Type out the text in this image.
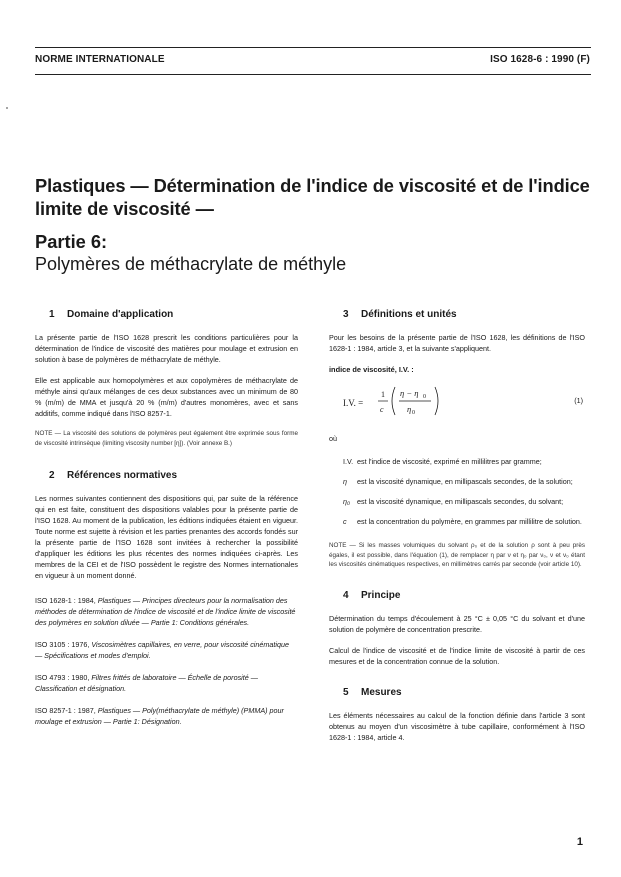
NORME INTERNATIONALE	ISO 1628-6 : 1990 (F)
Plastiques — Détermination de l'indice de viscosité et de l'indice limite de viscosité —
Partie 6:
Polymères de méthacrylate de méthyle
1 Domaine d'application

La présente partie de l'ISO 1628 prescrit les conditions particulières pour la détermination de l'indice de viscosité des matières pour moulage et extrusion en solution à base de polymères de méthacrylate de méthyle.

Elle est applicable aux homopolymères et aux copolymères de méthacrylate de méthyle ainsi qu'aux mélanges de ces deux substances avec un minimum de 80 % (m/m) de MMA et jusqu'à 20 % (m/m) d'autres monomères, avec et sans additifs, comme indiqué dans l'ISO 8257-1.

NOTE — La viscosité des solutions de polymères peut également être exprimée sous forme de viscosité intrinsèque (limiting viscosity number [η]). (Voir annexe B.)

2 Références normatives

Les normes suivantes contiennent des dispositions qui, par suite de la référence qui en est faite, constituent des dispositions valables pour la présente partie de l'ISO 1628. Au moment de la publication, les éditions indiquées étaient en vigueur. Toute norme est sujette à révision et les parties prenantes des accords fondés sur la présente partie de l'ISO 1628 sont invitées à rechercher la possibilité d'appliquer les éditions les plus récentes des normes indiquées ci-après. Les membres de la CEI et de l'ISO possèdent le registre des Normes internationales en vigueur à un moment donné.

ISO 1628-1 : 1984, Plastiques — Principes directeurs pour la normalisation des méthodes de détermination de l'indice de viscosité et de l'indice limite de viscosité des polymères en solution diluée — Partie 1: Conditions générales.
ISO 3105 : 1976, Viscosimètres capillaires, en verre, pour viscosité cinématique — Spécifications et modes d'emploi.
ISO 4793 : 1980, Filtres frittés de laboratoire — Échelle de porosité — Classification et désignation.
ISO 8257-1 : 1987, Plastiques — Poly(méthacrylate de méthyle) (PMMA) pour moulage et extrusion — Partie 1: Désignation.
3 Définitions et unités

Pour les besoins de la présente partie de l'ISO 1628, les définitions de l'ISO 1628-1 : 1984, article 3, et la suivante s'appliquent.

indice de viscosité, I.V. :
I.V. =
1
c
η − η 0
η 0
(1)
où
I.V. est l'indice de viscosité, exprimé en millilitres par gramme;
η est la viscosité dynamique, en millipascals secondes, de la solution;
η₀ est la viscosité dynamique, en millipascals secondes, du solvant;
c est la concentration du polymère, en grammes par millilitre de solution.

NOTE — Si les masses volumiques du solvant ρ₀ et de la solution ρ sont à peu près égales, il est possible, dans l'équation (1), de remplacer η par ν et η₀ par ν₀, ν et ν₀ étant les viscosités cinématiques respectives, en millimètres carrés par seconde (voir article 10).

4 Principe

Détermination du temps d'écoulement à 25 °C ± 0,05 °C du solvant et d'une solution de polymère de concentration prescrite.

Calcul de l'indice de viscosité et de l'indice limite de viscosité à partir de ces mesures et de la concentration connue de la solution.

5 Mesures

Les éléments nécessaires au calcul de la fonction définie dans l'article 3 sont obtenus au moyen d'un viscosimètre à tube capillaire, conformément à l'ISO 1628-1 : 1984, article 4.

1
